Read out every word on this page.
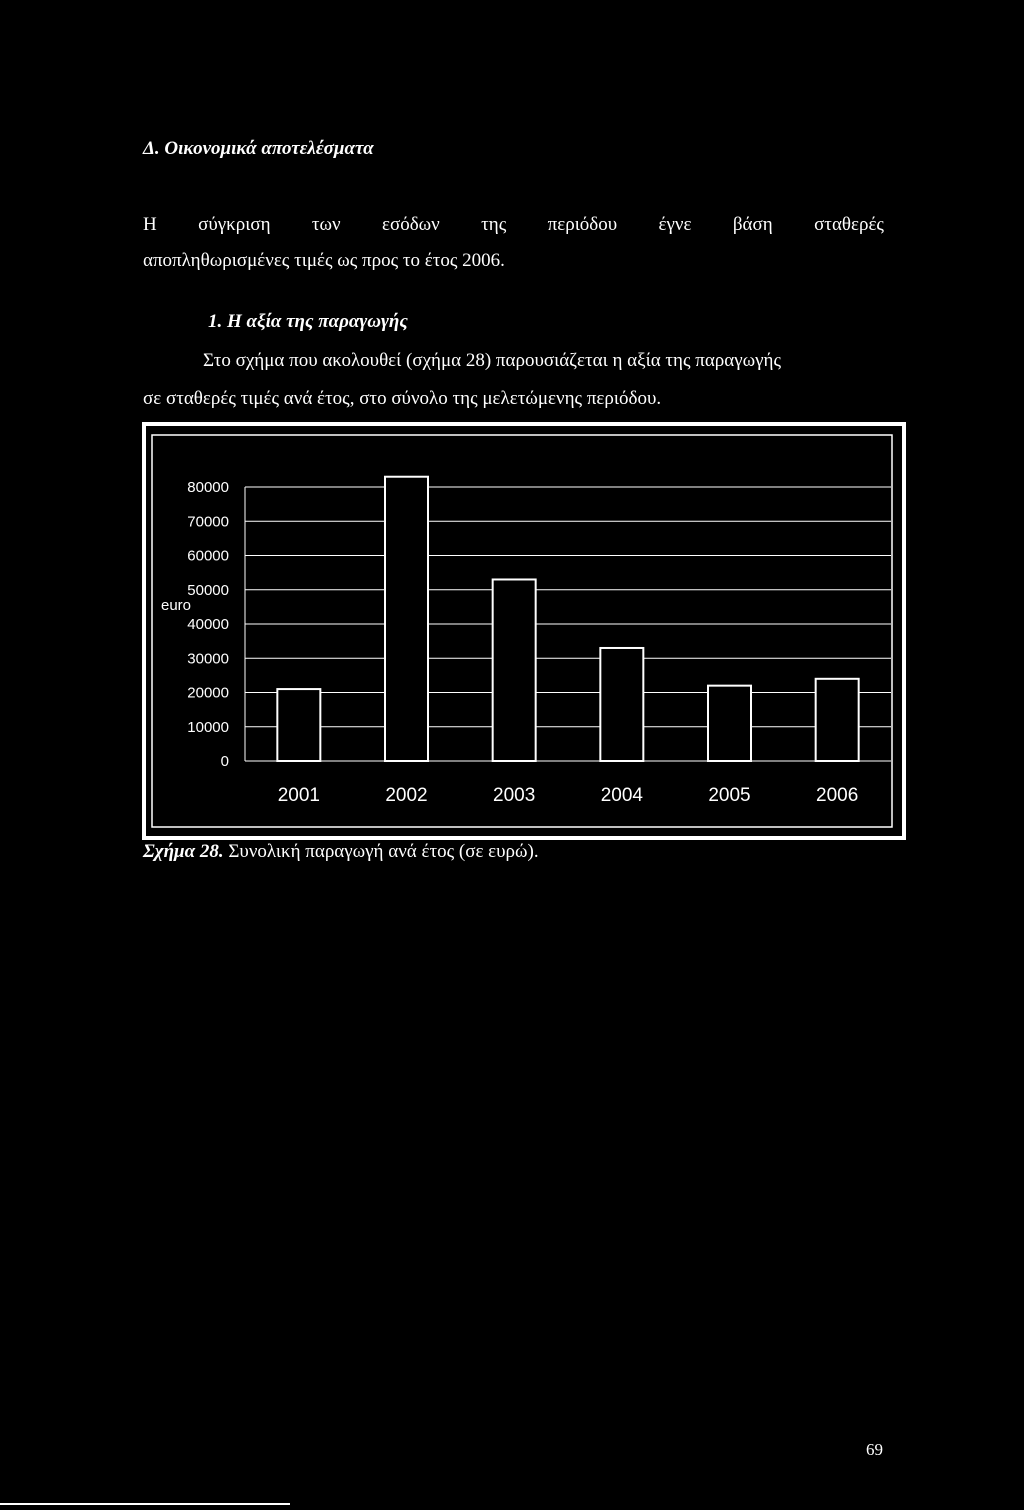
Δ. Οικονομικά αποτελέσματα
Η σύγκριση των εσόδων της περιόδου έγνε βάση σταθερές
αποπληθωρισμένες τιμές ως προς το έτος 2006.
1. Η αξία της παραγωγής
Στο σχήμα που ακολουθεί (σχήμα 28) παρουσιάζεται η αξία της παραγωγής
σε σταθερές τιμές ανά έτος, στο σύνολο της μελετώμενης περιόδου.
0
10000
20000
30000
40000
50000
60000
70000
80000
euro
2001	2002	2003	2004	2005	2006
Σχήμα 28. Συνολική παραγωγή ανά έτος (σε ευρώ).
69
